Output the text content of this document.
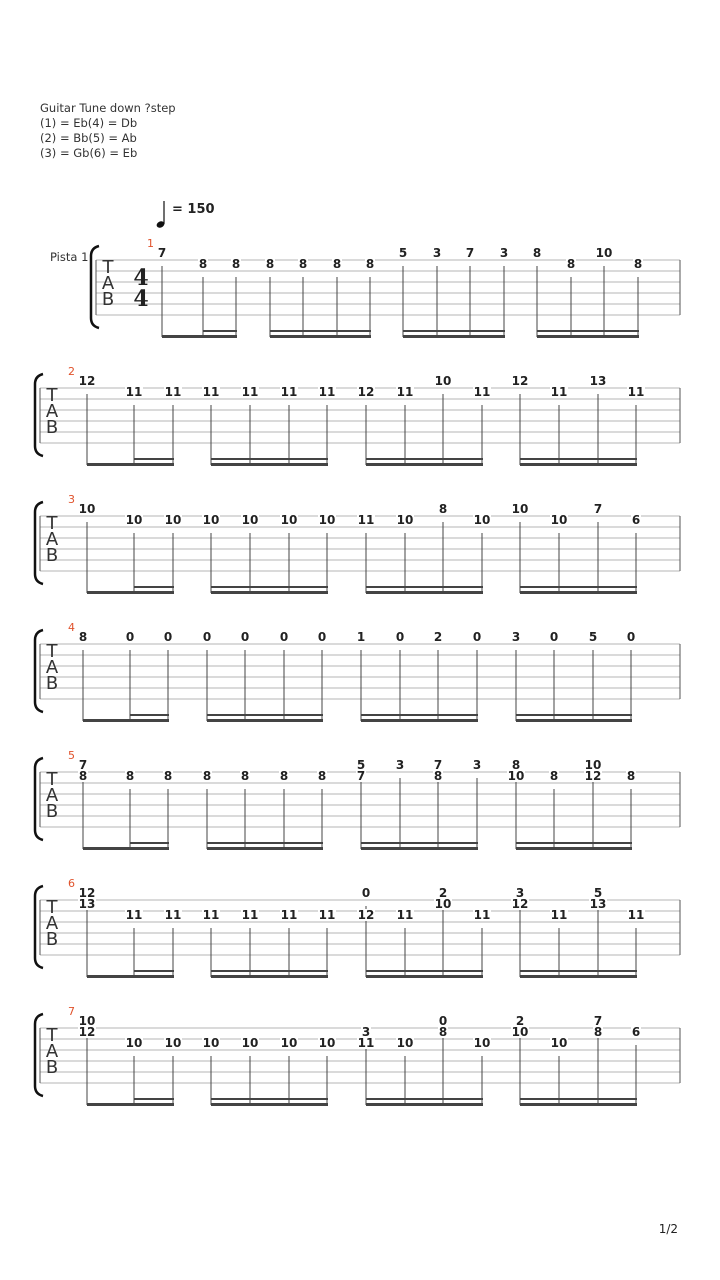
Guitar Tune down ?step
(1) = Eb(4) = Db
(2) = Bb(5) = Ab
(3) = Gb(6) = Eb
= 150
Pista 1 T
A
B
4
4
1
7
8 8 8 8 8 8
5 3 7 3 8
8
10
8
T
A
B
2
12
11 11 11 11 11 11 12 11
10
11
12
11
13
11
T
A
B
3
10
10 10 10 10 10 10 11 10
8
10
10
10
7
6
T
A
B
4
8	0 0	0 0	0 0	1	0 2	0	3 0	5 0
T
A
B
5
7
8	8 8	8 8	8 8
5
7
3 7
8
3	8
10 8
10
12 8
T
A
B
6
12
13
11 11 11 11 11 11
0
12 11
2
10
11
3
12
11
5
13
11
T
A
B
7
10
12
10 10 10 10 10 10
3
11 10
0
8
10
2
10
10
7
8 6
1/2
